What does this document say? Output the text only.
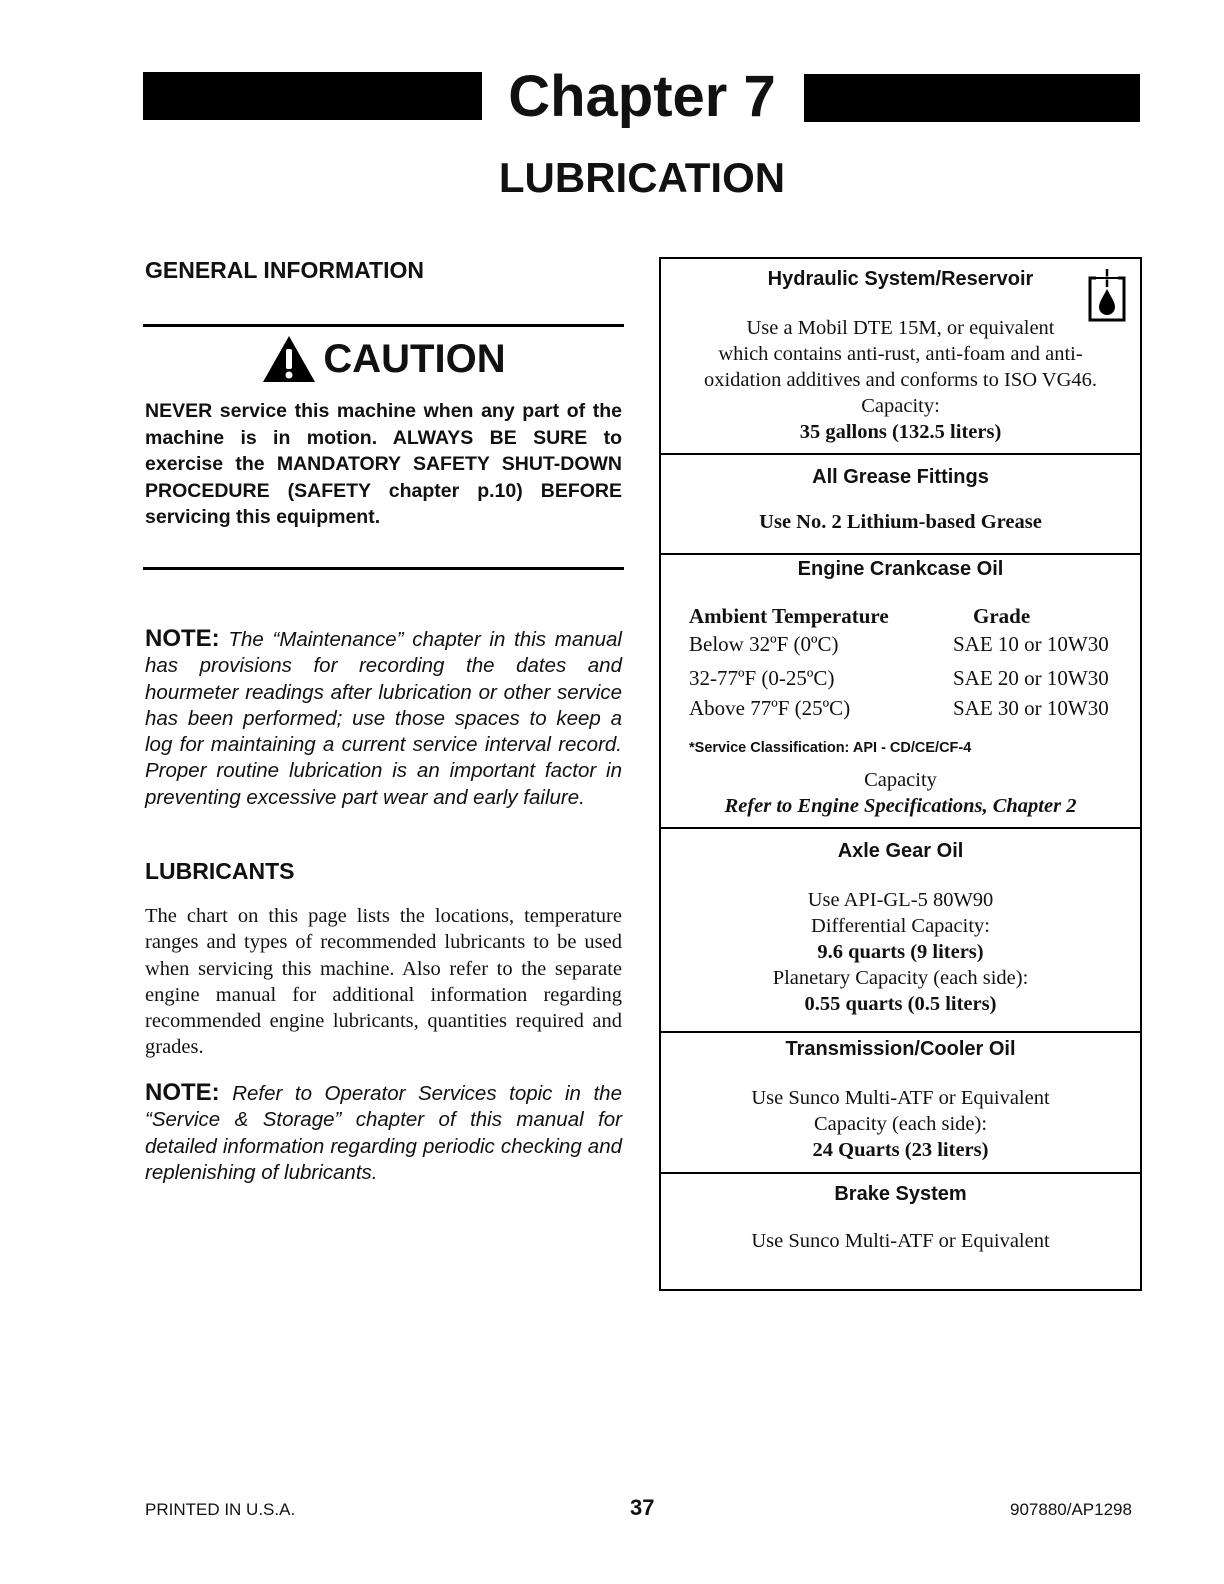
Chapter 7
LUBRICATION
GENERAL INFORMATION
CAUTION
NEVER service this machine when any part of the machine is in motion. ALWAYS BE SURE to exercise the MANDATORY SAFETY SHUT-DOWN PROCEDURE (SAFETY chapter p.10) BEFORE servicing this equipment.
NOTE: The “Maintenance” chapter in this manual has provisions for recording the dates and hourmeter readings after lubrication or other service has been performed; use those spaces to keep a log for maintaining a current service interval record. Proper routine lubrication is an important factor in preventing excessive part wear and early failure.
LUBRICANTS
The chart on this page lists the locations, temperature ranges and types of recommended lubricants to be used when servicing this machine. Also refer to the separate engine manual for additional information regarding recommended engine lubricants, quantities required and grades.
NOTE: Refer to Operator Services topic in the “Service & Storage” chapter of this manual for detailed information regarding periodic checking and replenishing of lubricants.
Hydraulic System/Reservoir
Use a Mobil DTE 15M, or equivalent
which contains anti-rust, anti-foam and anti-
oxidation additives and conforms to ISO VG46.
Capacity:
35 gallons (132.5 liters)
All Grease Fittings
Use No. 2 Lithium-based Grease
Engine Crankcase Oil
Ambient Temperature	Grade
Below 32ºF (0ºC)	SAE 10 or 10W30
32-77ºF (0-25ºC)	SAE 20 or 10W30
Above 77ºF (25ºC)	SAE 30 or 10W30
*Service Classification: API - CD/CE/CF-4
Capacity
Refer to Engine Specifications, Chapter 2
Axle Gear Oil
Use API-GL-5 80W90
Differential Capacity:
9.6 quarts (9 liters)
Planetary Capacity (each side):
0.55 quarts (0.5 liters)
Transmission/Cooler Oil
Use Sunco Multi-ATF or Equivalent
Capacity (each side):
24 Quarts (23 liters)
Brake System
Use Sunco Multi-ATF or Equivalent
PRINTED IN U.S.A.	37	907880/AP1298
